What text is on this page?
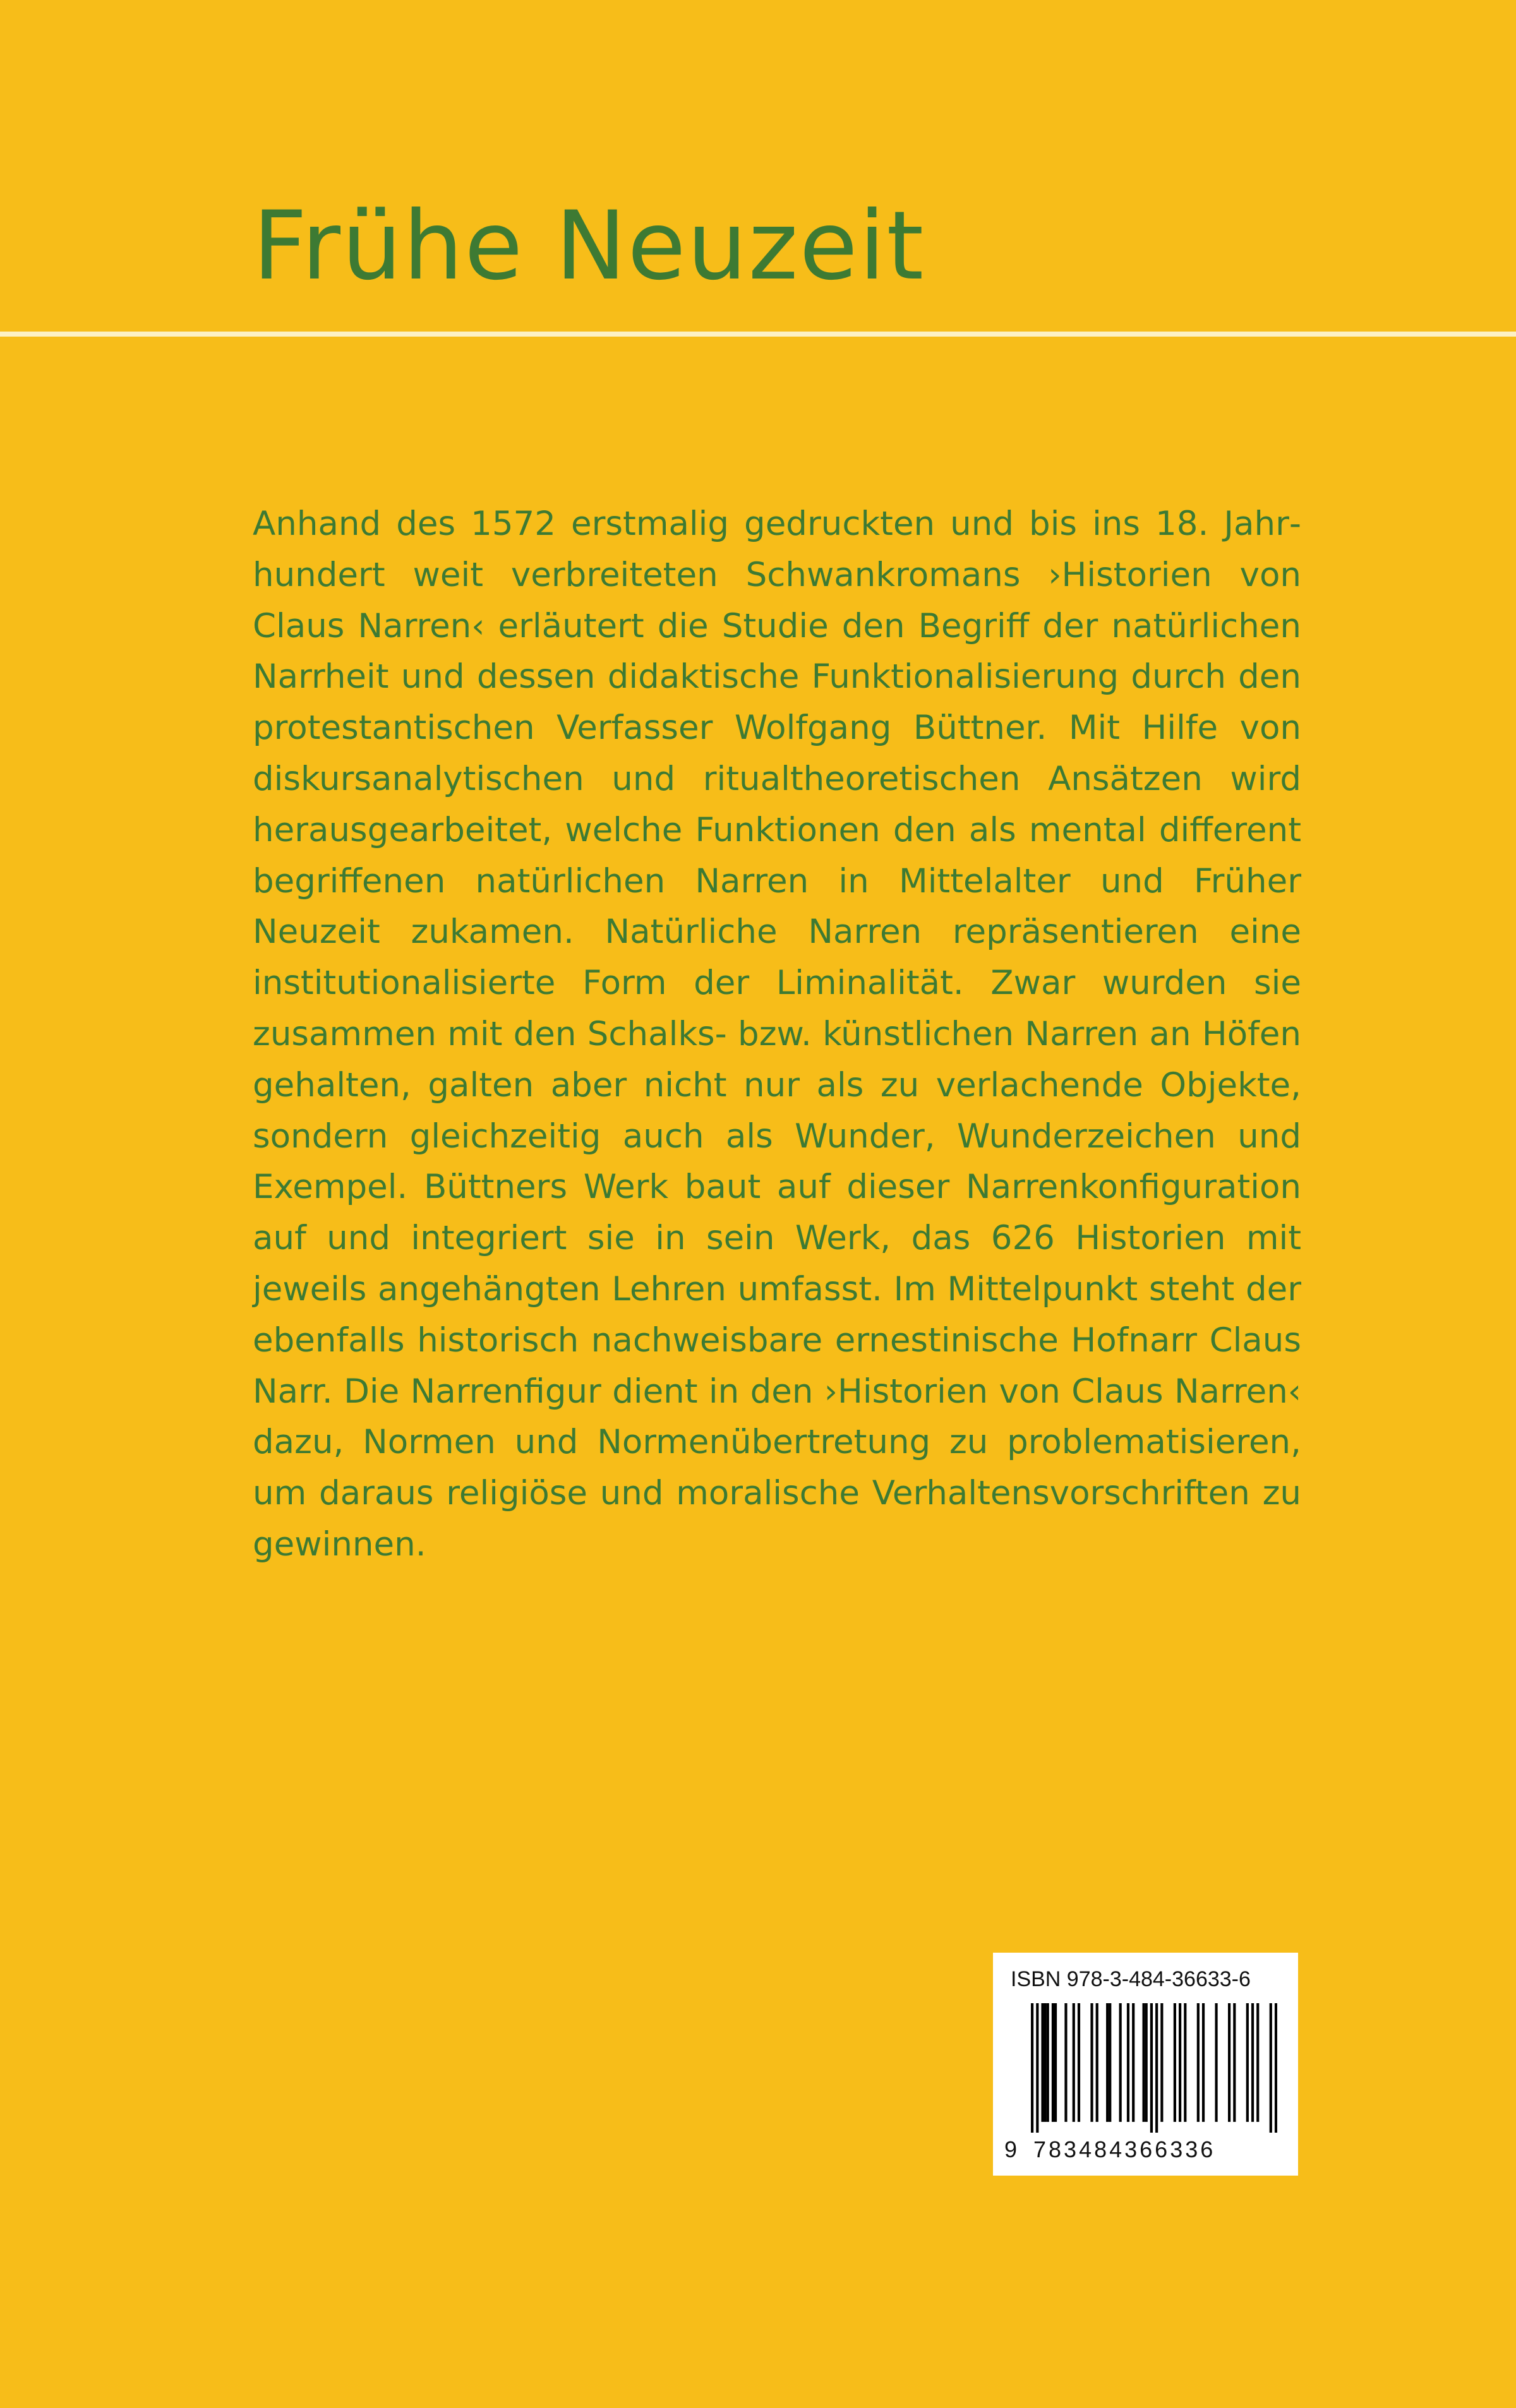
Frühe Neuzeit

Anhand des 1572 erstmalig gedruckten und bis ins 18. Jahrhundert weit verbreiteten Schwankromans ›Historien von Claus Narren‹ erläutert die Studie den Begriff der natürlichen Narrheit und dessen didaktische Funktionalisierung durch den protestantischen Verfasser Wolfgang Büttner. Mit Hilfe von diskursanalytischen und ritualtheoretischen Ansätzen wird herausgearbeitet, welche Funktionen den als mental different begriffenen natürlichen Narren in Mittelalter und Früher Neuzeit zukamen. Natürliche Narren repräsentieren eine institutionalisierte Form der Liminalität. Zwar wurden sie zusammen mit den Schalks- bzw. künstlichen Narren an Höfen gehalten, galten aber nicht nur als zu verlachende Objekte, sondern gleichzeitig auch als Wunder, Wunderzeichen und Exempel. Büttners Werk baut auf dieser Narrenkonfiguration auf und integriert sie in sein Werk, das 626 Historien mit jeweils angehängten Lehren umfasst. Im Mittelpunkt steht der ebenfalls historisch nachweisbare ernestinische Hofnarr Claus Narr. Die Narrenfigur dient in den ›Historien von Claus Narren‹ dazu, Normen und Normenübertretung zu problematisieren, um daraus religiöse und moralische Verhaltensvorschriften zu gewinnen.

ISBN 978-3-484-36633-6

9 783484366336
